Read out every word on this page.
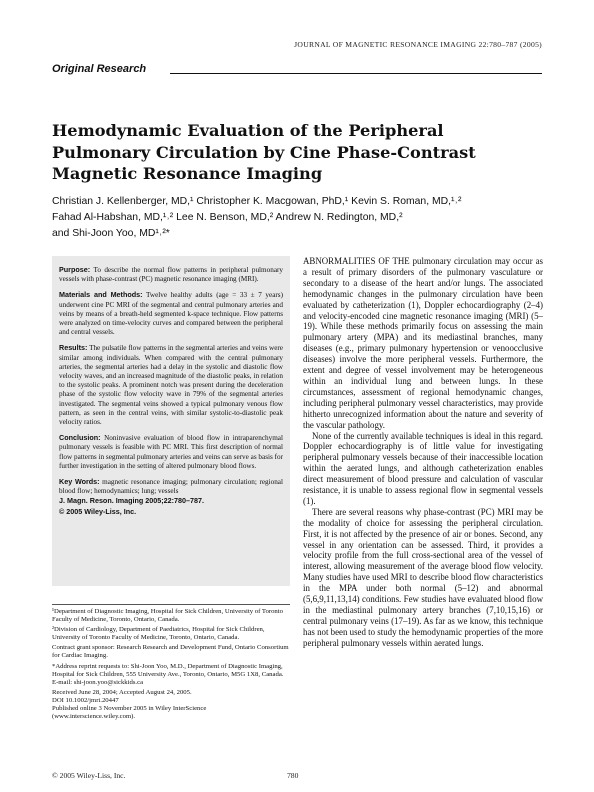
JOURNAL OF MAGNETIC RESONANCE IMAGING 22:780–787 (2005)
Original Research
Hemodynamic Evaluation of the Peripheral
Pulmonary Circulation by Cine Phase-Contrast
Magnetic Resonance Imaging
Christian J. Kellenberger, MD,¹ Christopher K. Macgowan, PhD,¹ Kevin S. Roman, MD,¹˒²
Fahad Al-Habshan, MD,¹˒² Lee N. Benson, MD,² Andrew N. Redington, MD,²
and Shi-Joon Yoo, MD¹˒²*

Purpose: To describe the normal flow patterns in peripheral pulmonary vessels with phase-contrast (PC) magnetic resonance imaging (MRI).

Materials and Methods: Twelve healthy adults (age = 33 ± 7 years) underwent cine PC MRI of the segmental and central pulmonary arteries and veins by means of a breath-held segmented k-space technique. Flow patterns were analyzed on time-velocity curves and compared between the peripheral and central vessels.

Results: The pulsatile flow patterns in the segmental arteries and veins were similar among individuals. When compared with the central pulmonary arteries, the segmental arteries had a delay in the systolic and diastolic flow velocity waves, and an increased magnitude of the diastolic peaks, in relation to the systolic peaks. A prominent notch was present during the deceleration phase of the systolic flow velocity wave in 79% of the segmental arteries investigated. The segmental veins showed a typical pulmonary venous flow pattern, as seen in the central veins, with similar systolic-to-diastolic peak velocity ratios.

Conclusion: Noninvasive evaluation of blood flow in intraparenchymal pulmonary vessels is feasible with PC MRI. This first description of normal flow patterns in segmental pulmonary arteries and veins can serve as basis for further investigation in the setting of altered pulmonary blood flows.

Key Words: magnetic resonance imaging; pulmonary circulation; regional blood flow; hemodynamics; lung; vessels
J. Magn. Reson. Imaging 2005;22:780–787.
© 2005 Wiley-Liss, Inc.

¹Department of Diagnostic Imaging, Hospital for Sick Children, University of Toronto Faculty of Medicine, Toronto, Ontario, Canada.

²Division of Cardiology, Department of Paediatrics, Hospital for Sick Children, University of Toronto Faculty of Medicine, Toronto, Ontario, Canada.

Contract grant sponsor: Research Research and Development Fund, Ontario Consortium for Cardiac Imaging.

*Address reprint requests to: Shi-Joon Yoo, M.D., Department of Diagnostic Imaging, Hospital for Sick Children, 555 University Ave., Toronto, Ontario, M5G 1X8, Canada.

E-mail: shi-joon.yoo@sickkids.ca

Received June 28, 2004; Accepted August 24, 2005.

DOI 10.1002/jmri.20447

Published online 3 November 2005 in Wiley InterScience (www.interscience.wiley.com).

ABNORMALITIES OF THE pulmonary circulation may occur as a result of primary disorders of the pulmonary vasculature or secondary to a disease of the heart and/or lungs. The associated hemodynamic changes in the pulmonary circulation have been evaluated by catheterization (1), Doppler echocardiography (2–4) and velocity-encoded cine magnetic resonance imaging (MRI) (5–19). While these methods primarily focus on assessing the main pulmonary artery (MPA) and its mediastinal branches, many diseases (e.g., primary pulmonary hypertension or venoocclusive diseases) involve the more peripheral vessels. Furthermore, the extent and degree of vessel involvement may be heterogeneous within an individual lung and between lungs. In these circumstances, assessment of regional hemodynamic changes, including peripheral pulmonary vessel characteristics, may provide hitherto unrecognized information about the nature and severity of the vascular pathology.

None of the currently available techniques is ideal in this regard. Doppler echocardiography is of little value for investigating peripheral pulmonary vessels because of their inaccessible location within the aerated lungs, and although catheterization enables direct measurement of blood pressure and calculation of vascular resistance, it is unable to assess regional flow in segmental vessels (1).

There are several reasons why phase-contrast (PC) MRI may be the modality of choice for assessing the peripheral circulation. First, it is not affected by the presence of air or bones. Second, any vessel in any orientation can be assessed. Third, it provides a velocity profile from the full cross-sectional area of the vessel of interest, allowing measurement of the average blood flow velocity. Many studies have used MRI to describe blood flow characteristics in the MPA under both normal (5–12) and abnormal (5,6,9,11,13,14) conditions. Few studies have evaluated blood flow in the mediastinal pulmonary artery branches (7,10,15,16) or central pulmonary veins (17–19). As far as we know, this technique has not been used to study the hemodynamic properties of the more peripheral pulmonary vessels within aerated lungs.

© 2005 Wiley-Liss, Inc.	780
